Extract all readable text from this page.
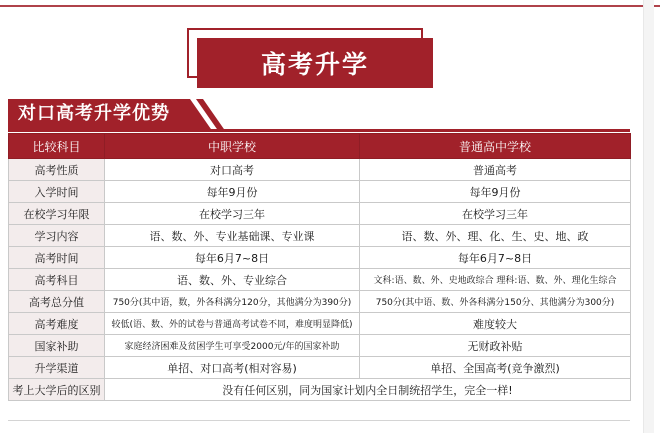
高考升学
对口高考升学优势
比较科目	中职学校	普通高中学校
高考性质	对口高考	普通高考
入学时间	每年9月份	每年9月份
在校学习年限	在校学习三年	在校学习三年
学习内容	语、数、外、专业基础课、专业课	语、数、外、理、化、生、史、地、政
高考时间	每年6月7~8日	每年6月7~8日
高考科目	语、数、外、专业综合	文科:语、数、外、史地政综合 理科:语、数、外、理化生综合
高考总分值	750分(其中语，数，外各科满分120分，其他满分为390分)	750分(其中语、数、外各科满分150分、其他满分为300分)
高考难度	较低(语、数、外的试卷与普通高考试卷不同，难度明显降低)	难度较大
国家补助	家庭经济困难及贫困学生可享受2000元/年的国家补助	无财政补贴
升学渠道	单招、对口高考(相对容易)	单招、全国高考(竞争激烈)
考上大学后的区别	没有任何区别，同为国家计划内全日制统招学生，完全一样!	
